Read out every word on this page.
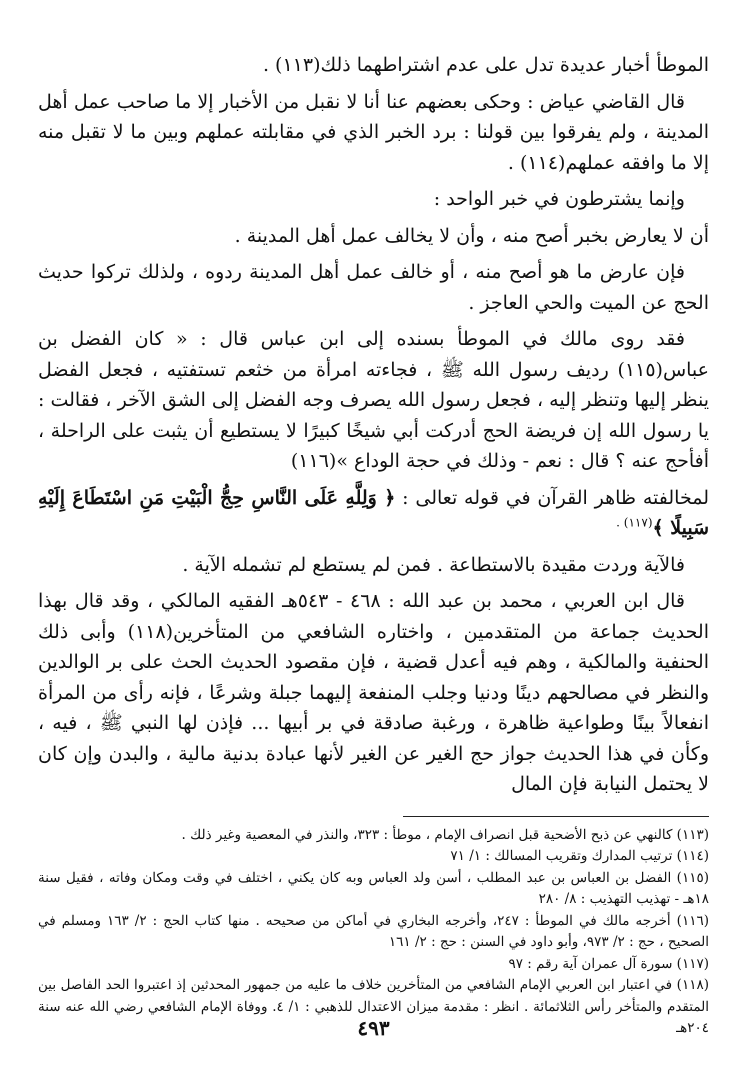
الموطأ أخبار عديدة تدل على عدم اشتراطهما ذلك(١١٣) .

قال القاضي عياض : وحكى بعضهم عنا أنا لا نقبل من الأخبار إلا ما صاحب عمل أهل المدينة ، ولم يفرقوا بين قولنا : برد الخبر الذي في مقابلته عملهم وبين ما لا تقبل منه إلا ما وافقه عملهم(١١٤) .

وإنما يشترطون في خبر الواحد :

أن لا يعارض بخبر أصح منه ، وأن لا يخالف عمل أهل المدينة .

فإن عارض ما هو أصح منه ، أو خالف عمل أهل المدينة ردوه ، ولذلك تركوا حديث الحج عن الميت والحي العاجز .

فقد روى مالك في الموطأ بسنده إلى ابن عباس قال : « كان الفضل بن عباس(١١٥) رديف رسول الله ﷺ ، فجاءته امرأة من خثعم تستفتيه ، فجعل الفضل ينظر إليها وتنظر إليه ، فجعل رسول الله يصرف وجه الفضل إلى الشق الآخر ، فقالت : يا رسول الله إن فريضة الحج أدركت أبي شيخًا كبيرًا لا يستطيع أن يثبت على الراحلة ، أفأحج عنه ؟ قال : نعم - وذلك في حجة الوداع »(١١٦)

لمخالفته ظاهر القرآن في قوله تعالى : ﴿ وَلِلَّهِ عَلَى النَّاسِ حِجُّ الْبَيْتِ مَنِ اسْتَطَاعَ إِلَيْهِ سَبِيلًا ﴾$^{(١١٧) .}$

فالآية وردت مقيدة بالاستطاعة . فمن لم يستطع لم تشمله الآية .

قال ابن العربي ، محمد بن عبد الله : ٤٦٨ - ٥٤٣هـ الفقيه المالكي ، وقد قال بهذا الحديث جماعة من المتقدمين ، واختاره الشافعي من المتأخرين(١١٨) وأبى ذلك الحنفية والمالكية ، وهم فيه أعدل قضية ، فإن مقصود الحديث الحث على بر الوالدين والنظر في مصالحهم دينًا ودنيا وجلب المنفعة إليهما جبلة وشرعًا ، فإنه رأى من المرأة انفعالاً بينًا وطواعية ظاهرة ، ورغبة صادقة في بر أبيها ... فإذن لها النبي ﷺ ، فيه ، وكأن في هذا الحديث جواز حج الغير عن الغير لأنها عبادة بدنية مالية ، والبدن وإن كان لا يحتمل النيابة فإن المال

(١١٣) كالنهي عن ذبح الأضحية قبل انصراف الإمام ، موطأ : ٣٢٣، والنذر في المعصية وغير ذلك .

(١١٤) ترتيب المدارك وتقريب المسالك : ١/ ٧١

(١١٥) الفضل بن العباس بن عبد المطلب ، أسن ولد العباس وبه كان يكني ، اختلف في وقت ومكان وفاته ، فقيل سنة ١٨هـ - تهذيب التهذيب : ٨/ ٢٨٠

(١١٦) أخرجه مالك في الموطأ : ٢٤٧، وأخرجه البخاري في أماكن من صحيحه . منها كتاب الحج : ٢/ ١٦٣ ومسلم في الصحيح ، حج : ٢/ ٩٧٣، وأبو داود في السنن : حج : ٢/ ١٦١

(١١٧) سورة آل عمران آية رقم : ٩٧

(١١٨) في اعتبار ابن العربي الإمام الشافعي من المتأخرين خلاف ما عليه من جمهور المحدثين إذ اعتبروا الحد الفاصل بين المتقدم والمتأخر رأس الثلاثمائة . انظر : مقدمة ميزان الاعتدال للذهبي : ١/ ٤. ووفاة الإمام الشافعي رضي الله عنه سنة ٢٠٤هـ

٤٩٣
